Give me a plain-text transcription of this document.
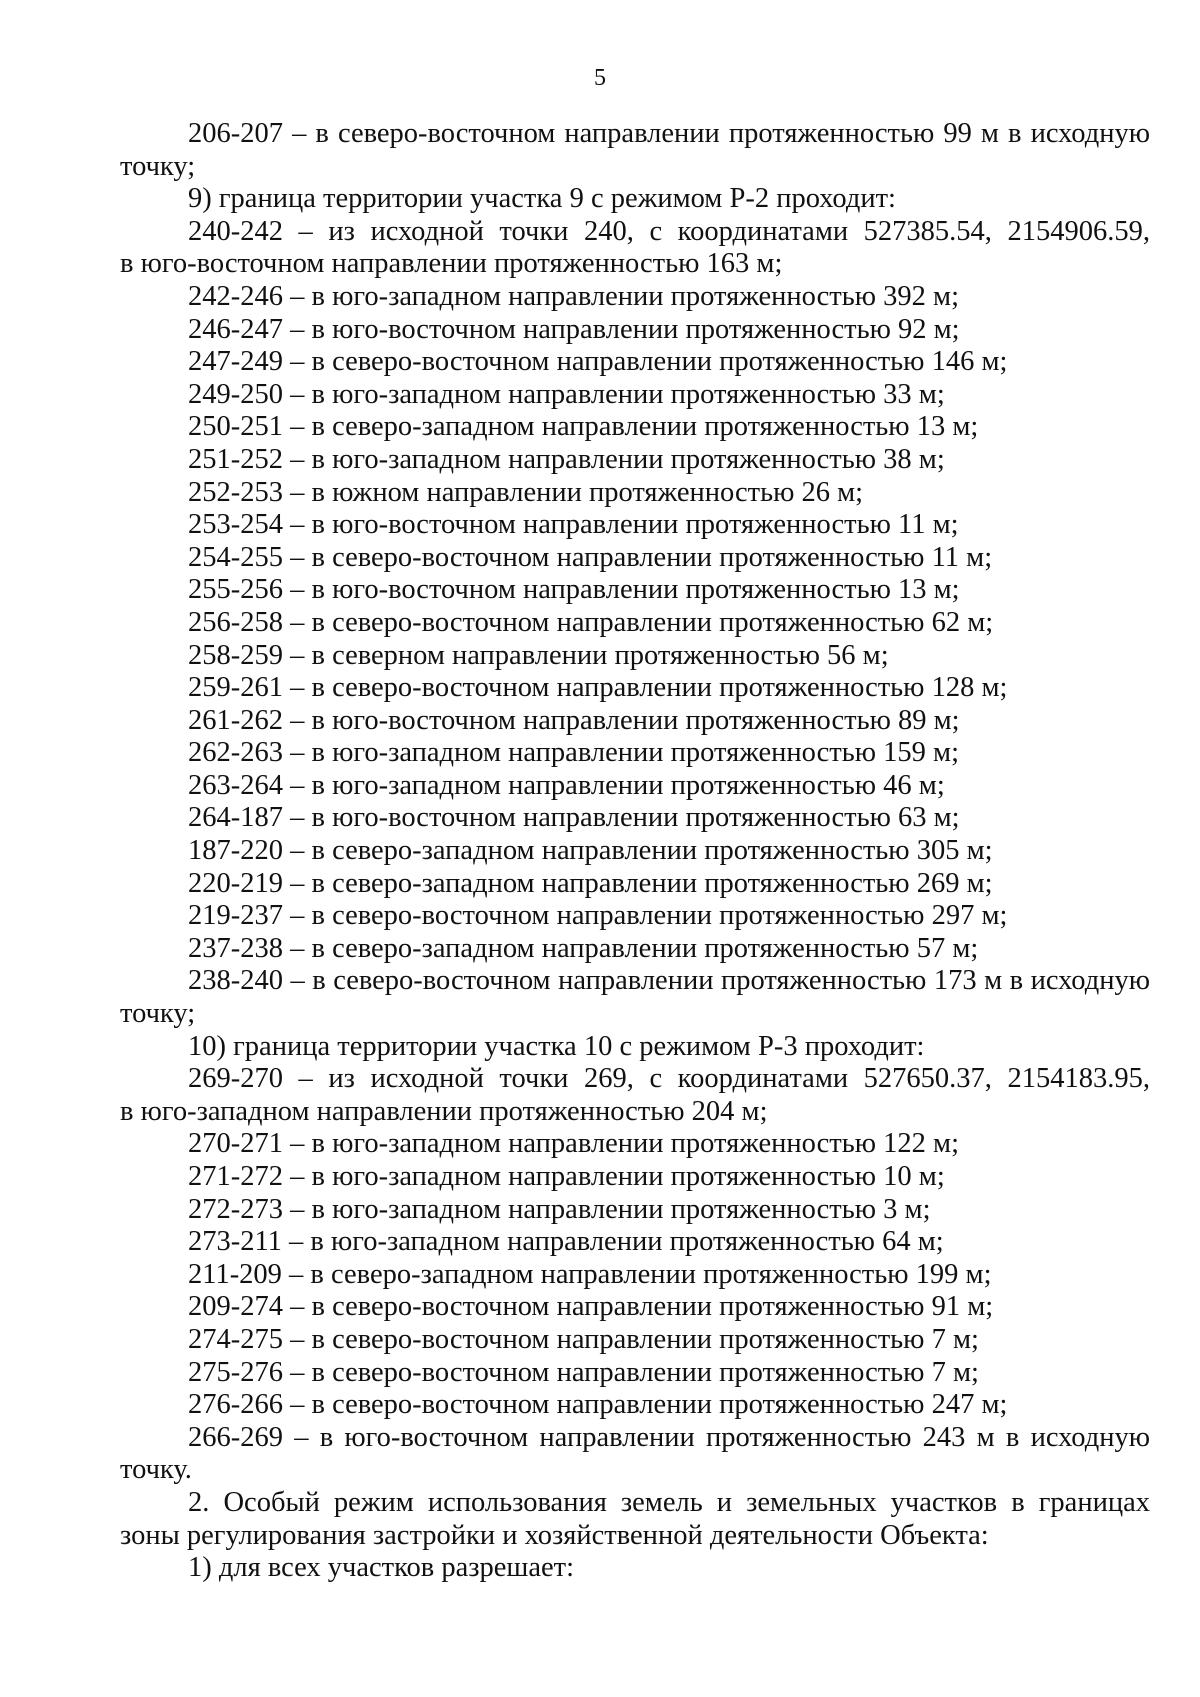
5
206-207 – в северо-восточном направлении протяженностью 99 м в исходную
точку;
9) граница территории участка 9 с режимом Р-2 проходит:
240-242 – из исходной точки 240, с координатами 527385.54, 2154906.59,
в юго-восточном направлении протяженностью 163 м;
242-246 – в юго-западном направлении протяженностью 392 м;
246-247 – в юго-восточном направлении протяженностью 92 м;
247-249 – в северо-восточном направлении протяженностью 146 м;
249-250 – в юго-западном направлении протяженностью 33 м;
250-251 – в северо-западном направлении протяженностью 13 м;
251-252 – в юго-западном направлении протяженностью 38 м;
252-253 – в южном направлении протяженностью 26 м;
253-254 – в юго-восточном направлении протяженностью 11 м;
254-255 – в северо-восточном направлении протяженностью 11 м;
255-256 – в юго-восточном направлении протяженностью 13 м;
256-258 – в северо-восточном направлении протяженностью 62 м;
258-259 – в северном направлении протяженностью 56 м;
259-261 – в северо-восточном направлении протяженностью 128 м;
261-262 – в юго-восточном направлении протяженностью 89 м;
262-263 – в юго-западном направлении протяженностью 159 м;
263-264 – в юго-западном направлении протяженностью 46 м;
264-187 – в юго-восточном направлении протяженностью 63 м;
187-220 – в северо-западном направлении протяженностью 305 м;
220-219 – в северо-западном направлении протяженностью 269 м;
219-237 – в северо-восточном направлении протяженностью 297 м;
237-238 – в северо-западном направлении протяженностью 57 м;
238-240 – в северо-восточном направлении протяженностью 173 м в исходную
точку;
10) граница территории участка 10 с режимом Р-3 проходит:
269-270 – из исходной точки 269, с координатами 527650.37, 2154183.95,
в юго-западном направлении протяженностью 204 м;
270-271 – в юго-западном направлении протяженностью 122 м;
271-272 – в юго-западном направлении протяженностью 10 м;
272-273 – в юго-западном направлении протяженностью 3 м;
273-211 – в юго-западном направлении протяженностью 64 м;
211-209 – в северо-западном направлении протяженностью 199 м;
209-274 – в северо-восточном направлении протяженностью 91 м;
274-275 – в северо-восточном направлении протяженностью 7 м;
275-276 – в северо-восточном направлении протяженностью 7 м;
276-266 – в северо-восточном направлении протяженностью 247 м;
266-269 – в юго-восточном направлении протяженностью 243 м в исходную
точку.
2. Особый режим использования земель и земельных участков в границах
зоны регулирования застройки и хозяйственной деятельности Объекта:
1) для всех участков разрешает:
